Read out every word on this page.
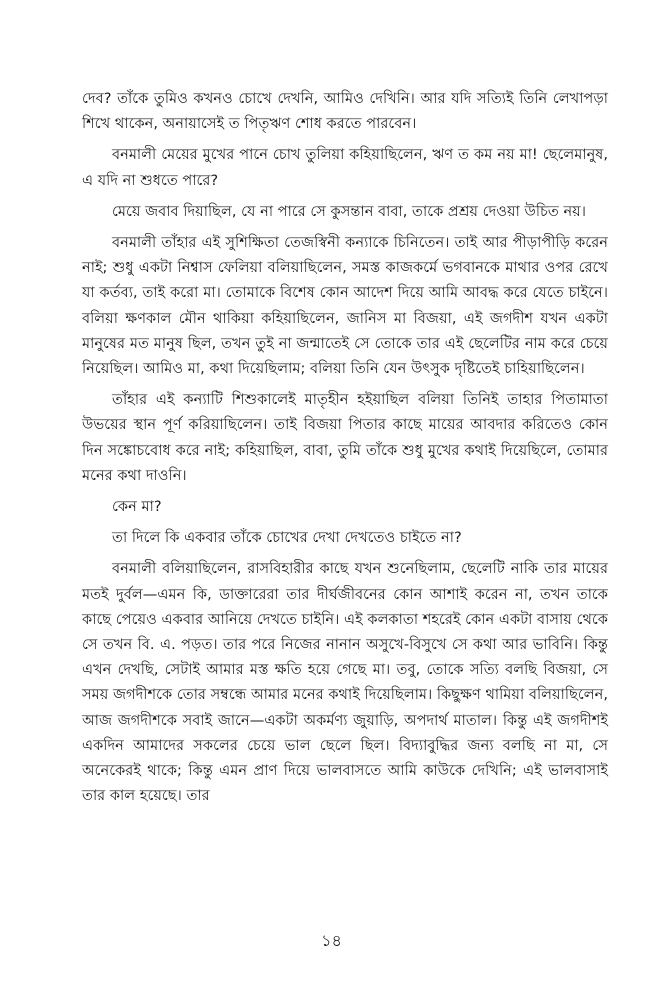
দেব? তাঁকে তুমিও কখনও চোখে দেখনি, আমিও দেখিনি। আর যদি সত্যিই তিনি লেখাপড়া শিখে থাকেন, অনায়াসেই ত পিতৃঋণ শোধ করতে পারবেন।

বনমালী মেয়ের মুখের পানে চোখ তুলিয়া কহিয়াছিলেন, ঋণ ত কম নয় মা! ছেলেমানুষ, এ যদি না শুধতে পারে?

মেয়ে জবাব দিয়াছিল, যে না পারে সে কুসন্তান বাবা, তাকে প্রশ্রয় দেওয়া উচিত নয়।

বনমালী তাঁহার এই সুশিক্ষিতা তেজস্বিনী কন্যাকে চিনিতেন। তাই আর পীড়াপীড়ি করেন নাই; শুধু একটা নিশ্বাস ফেলিয়া বলিয়াছিলেন, সমস্ত কাজকর্মে ভগবানকে মাথার ওপর রেখে যা কর্তব্য, তাই করো মা। তোমাকে বিশেষ কোন আদেশ দিয়ে আমি আবদ্ধ করে যেতে চাইনে। বলিয়া ক্ষণকাল মৌন থাকিয়া কহিয়াছিলেন, জানিস মা বিজয়া, এই জগদীশ যখন একটা মানুষের মত মানুষ ছিল, তখন তুই না জন্মাতেই সে তোকে তার এই ছেলেটির নাম করে চেয়ে নিয়েছিল। আমিও মা, কথা দিয়েছিলাম; বলিয়া তিনি যেন উৎসুক দৃষ্টিতেই চাহিয়াছিলেন।

তাঁহার এই কন্যাটি শিশুকালেই মাতৃহীন হইয়াছিল বলিয়া তিনিই তাহার পিতামাতা উভয়ের স্থান পূর্ণ করিয়াছিলেন। তাই বিজয়া পিতার কাছে মায়ের আবদার করিতেও কোন দিন সঙ্কোচবোধ করে নাই; কহিয়াছিল, বাবা, তুমি তাঁকে শুধু মুখের কথাই দিয়েছিলে, তোমার মনের কথা দাওনি।

কেন মা?

তা দিলে কি একবার তাঁকে চোখের দেখা দেখতেও চাইতে না?

বনমালী বলিয়াছিলেন, রাসবিহারীর কাছে যখন শুনেছিলাম, ছেলেটি নাকি তার মায়ের মতই দুর্বল—এমন কি, ডাক্তারেরা তার দীর্ঘজীবনের কোন আশাই করেন না, তখন তাকে কাছে পেয়েও একবার আনিয়ে দেখতে চাইনি। এই কলকাতা শহরেই কোন একটা বাসায় থেকে সে তখন বি. এ. পড়ত। তার পরে নিজের নানান অসুখে-বিসুখে সে কথা আর ভাবিনি। কিন্তু এখন দেখছি, সেটাই আমার মস্ত ক্ষতি হয়ে গেছে মা। তবু, তোকে সত্যি বলছি বিজয়া, সে সময় জগদীশকে তোর সম্বন্ধে আমার মনের কথাই দিয়েছিলাম। কিছুক্ষণ থামিয়া বলিয়াছিলেন, আজ জগদীশকে সবাই জানে—একটা অকর্মণ্য জুয়াড়ি, অপদার্থ মাতাল। কিন্তু এই জগদীশই একদিন আমাদের সকলের চেয়ে ভাল ছেলে ছিল। বিদ্যাবুদ্ধির জন্য বলছি না মা, সে অনেকেরই থাকে; কিন্তু এমন প্রাণ দিয়ে ভালবাসতে আমি কাউকে দেখিনি; এই ভালবাসাই তার কাল হয়েছে। তার

১৪
